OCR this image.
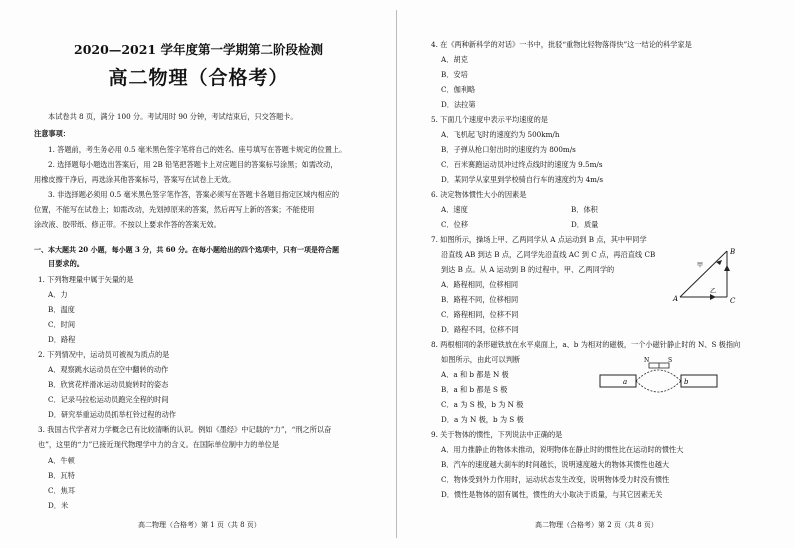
2020—2021 学年度第一学期第二阶段检测
高二物理（合格考）
本试卷共 8 页，满分 100 分。考试用时 90 分钟，考试结束后，只交答题卡。
注意事项：
1. 答题前，考生务必用 0.5 毫米黑色签字笔将自己的姓名、座号填写在答题卡规定的位置上。
2. 选择题每小题选出答案后，用 2B 铅笔把答题卡上对应题目的答案标号涂黑；如需改动，
用橡皮擦干净后，再选涂其他答案标号，答案写在试卷上无效。
3. 非选择题必须用 0.5 毫米黑色签字笔作答，答案必须写在答题卡各题目指定区域内相应的
位置，不能写在试卷上；如需改动，先划掉原来的答案，然后再写上新的答案；不能使用
涂改液、胶带纸、修正带。不按以上要求作答的答案无效。
一、本大题共 20 小题，每小题 3 分，共 60 分。在每小题给出的四个选项中，只有一项是符合题
目要求的。
1. 下列物理量中属于矢量的是
A．力
B．温度
C．时间
D．路程
2. 下列情况中，运动员可被视为质点的是
A．观察跳水运动员在空中翻转的动作
B．欣赏花样滑冰运动员旋转时的姿态
C．记录马拉松运动员跑完全程的时间
D．研究举重运动员抓举杠铃过程的动作
3. 我国古代学者对力学概念已有比较清晰的认识。例如《墨经》中记载的“力”，“刑之所以奋
也”，这里的“力”已接近现代物理学中力的含义。在国际单位制中力的单位是
A．牛顿
B．瓦特
C．焦耳
D．米
高二物理（合格考）第 1 页（共 8 页）
4. 在《两种新科学的对话》一书中，批驳“重物比轻物落得快”这一结论的科学家是
A．胡克
B．安培
C．伽利略
D．法拉第
5. 下面几个速度中表示平均速度的是
A．飞机起飞时的速度约为 500km/h
B．子弹从枪口射出时的速度约为 800m/s
C．百米赛跑运动员冲过终点线时的速度为 9.5m/s
D．某同学从家里到学校骑自行车的速度约为 4m/s
6. 决定物体惯性大小的因素是
A．速度	B．体积
C．位移	D．质量
7. 如图所示，操场上甲、乙两同学从 A 点运动到 B 点，其中甲同学
沿直线 AB 到达 B 点，乙同学先沿直线 AC 到 C 点，再沿直线 CB
到达 B 点。从 A 运动到 B 的过程中，甲、乙两同学的
A．路程相同，位移相同
B．路程不同，位移相同
C．路程相同，位移不同
D．路程不同，位移不同
A
B
C
甲
乙
8. 两根相同的条形磁铁放在水平桌面上，a、b 为相对的磁极，一个小磁针静止时的 N、S 极指向
如图所示，由此可以判断
A．a 和 b 都是 N 极
B．a 和 b 都是 S 极
C．a 为 S 极，b 为 N 极
D．a 为 N 极，b 为 S 极
a	b
N	S
9. 关于物体的惯性，下列说法中正确的是
A．用力推静止的物体未推动，说明物体在静止时的惯性比在运动时的惯性大
B．汽车的速度越大刹车的时间越长，说明速度越大的物体其惯性也越大
C．物体受到外力作用时，运动状态发生改变，说明物体受力时没有惯性
D．惯性是物体的固有属性，惯性的大小取决于质量，与其它因素无关
高二物理（合格考）第 2 页（共 8 页）
